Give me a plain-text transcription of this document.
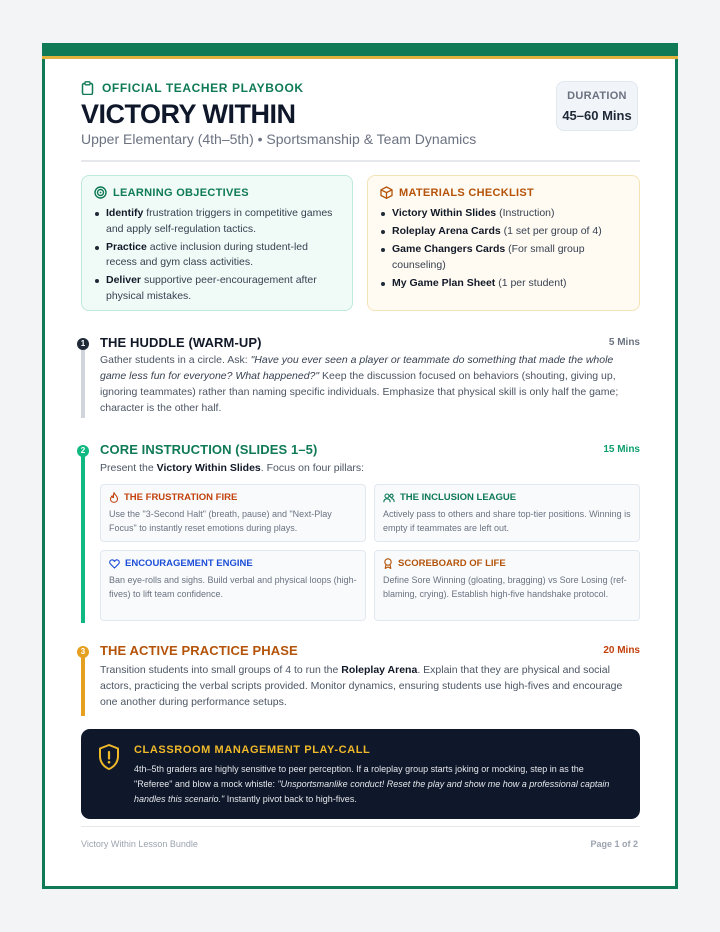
OFFICIAL TEACHER PLAYBOOK
VICTORY WITHIN
Upper Elementary (4th–5th) • Sportsmanship & Team Dynamics
DURATION
45–60 Mins
LEARNING OBJECTIVES
Identify frustration triggers in competitive games and apply self-regulation tactics.
Practice active inclusion during student-led recess and gym class activities.
Deliver supportive peer-encouragement after physical mistakes.
MATERIALS CHECKLIST
Victory Within Slides (Instruction)
Roleplay Arena Cards (1 set per group of 4)
Game Changers Cards (For small group counseling)
My Game Plan Sheet (1 per student)
1 THE HUDDLE (WARM-UP)	5 Mins
Gather students in a circle. Ask: "Have you ever seen a player or teammate do something that made the whole game less fun for everyone? What happened?" Keep the discussion focused on behaviors (shouting, giving up, ignoring teammates) rather than naming specific individuals. Emphasize that physical skill is only half the game; character is the other half.
2 CORE INSTRUCTION (SLIDES 1–5)	15 Mins
Present the Victory Within Slides. Focus on four pillars:
THE FRUSTRATION FIRE
Use the "3-Second Halt" (breath, pause) and "Next-Play Focus" to instantly reset emotions during plays.
THE INCLUSION LEAGUE
Actively pass to others and share top-tier positions. Winning is empty if teammates are left out.
ENCOURAGEMENT ENGINE
Ban eye-rolls and sighs. Build verbal and physical loops (high-fives) to lift team confidence.
SCOREBOARD OF LIFE
Define Sore Winning (gloating, bragging) vs Sore Losing (ref-blaming, crying). Establish high-five handshake protocol.
3 THE ACTIVE PRACTICE PHASE	20 Mins
Transition students into small groups of 4 to run the Roleplay Arena. Explain that they are physical and social actors, practicing the verbal scripts provided. Monitor dynamics, ensuring students use high-fives and encourage one another during performance setups.
CLASSROOM MANAGEMENT PLAY-CALL
4th–5th graders are highly sensitive to peer perception. If a roleplay group starts joking or mocking, step in as the "Referee" and blow a mock whistle: "Unsportsmanlike conduct! Reset the play and show me how a professional captain handles this scenario." Instantly pivot back to high-fives.
Victory Within Lesson Bundle	Page 1 of 2
